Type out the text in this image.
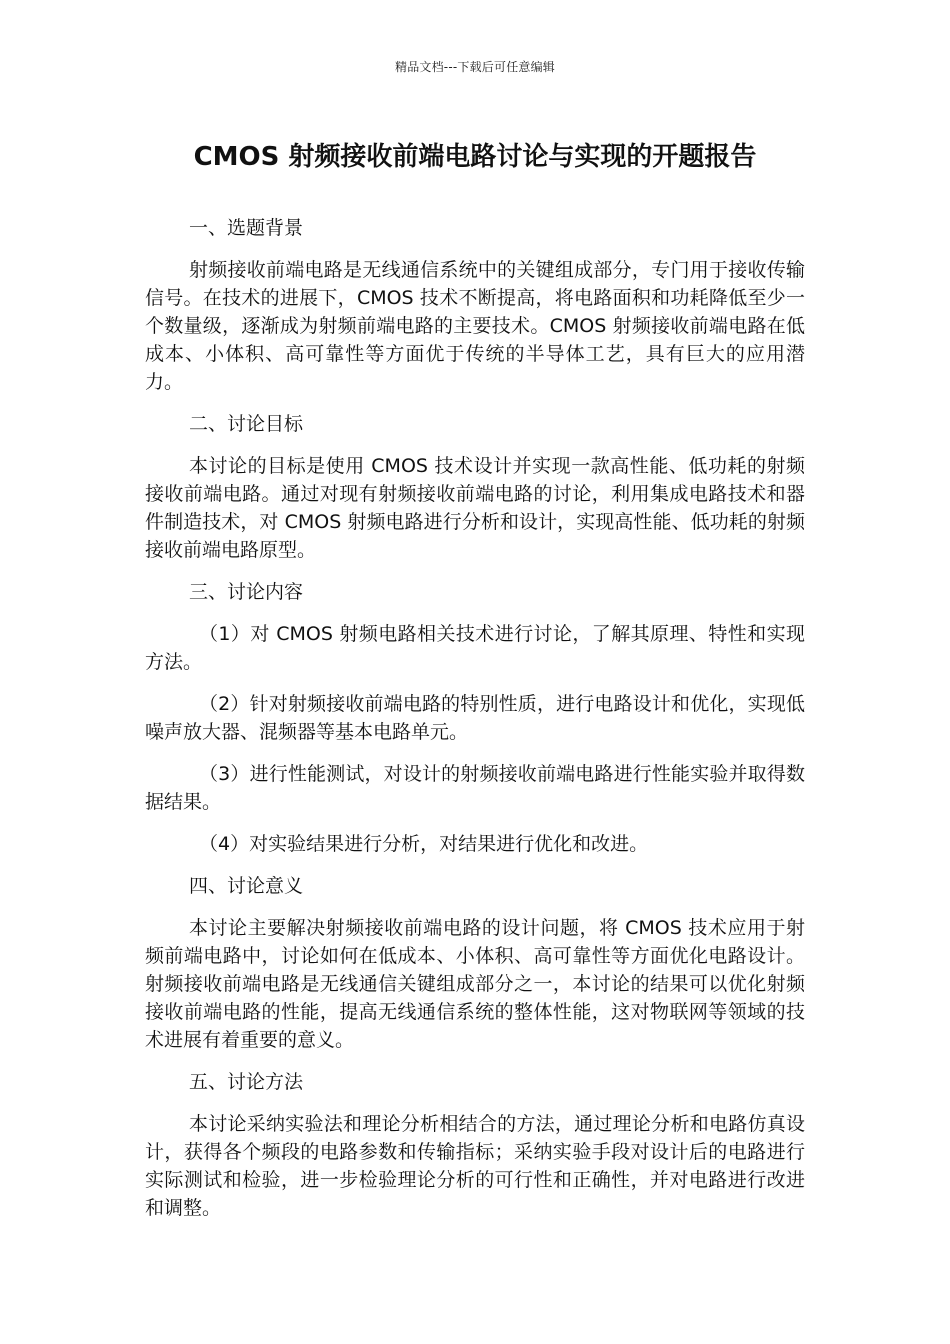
精品文档---下载后可任意编辑
CMOS 射频接收前端电路讨论与实现的开题报告

一、选题背景

射频接收前端电路是无线通信系统中的关键组成部分，专门用于接收传输信号。在技术的进展下，CMOS 技术不断提高，将电路面积和功耗降低至少一个数量级，逐渐成为射频前端电路的主要技术。CMOS 射频接收前端电路在低成本、小体积、高可靠性等方面优于传统的半导体工艺，具有巨大的应用潜力。

二、讨论目标

本讨论的目标是使用 CMOS 技术设计并实现一款高性能、低功耗的射频接收前端电路。通过对现有射频接收前端电路的讨论，利用集成电路技术和器件制造技术，对 CMOS 射频电路进行分析和设计，实现高性能、低功耗的射频接收前端电路原型。

三、讨论内容

（1）对 CMOS 射频电路相关技术进行讨论，了解其原理、特性和实现方法。

（2）针对射频接收前端电路的特别性质，进行电路设计和优化，实现低噪声放大器、混频器等基本电路单元。

（3）进行性能测试，对设计的射频接收前端电路进行性能实验并取得数据结果。

（4）对实验结果进行分析，对结果进行优化和改进。

四、讨论意义

本讨论主要解决射频接收前端电路的设计问题，将 CMOS 技术应用于射频前端电路中，讨论如何在低成本、小体积、高可靠性等方面优化电路设计。射频接收前端电路是无线通信关键组成部分之一，本讨论的结果可以优化射频接收前端电路的性能，提高无线通信系统的整体性能，这对物联网等领域的技术进展有着重要的意义。

五、讨论方法

本讨论采纳实验法和理论分析相结合的方法，通过理论分析和电路仿真设计，获得各个频段的电路参数和传输指标；采纳实验手段对设计后的电路进行实际测试和检验，进一步检验理论分析的可行性和正确性，并对电路进行改进和调整。
